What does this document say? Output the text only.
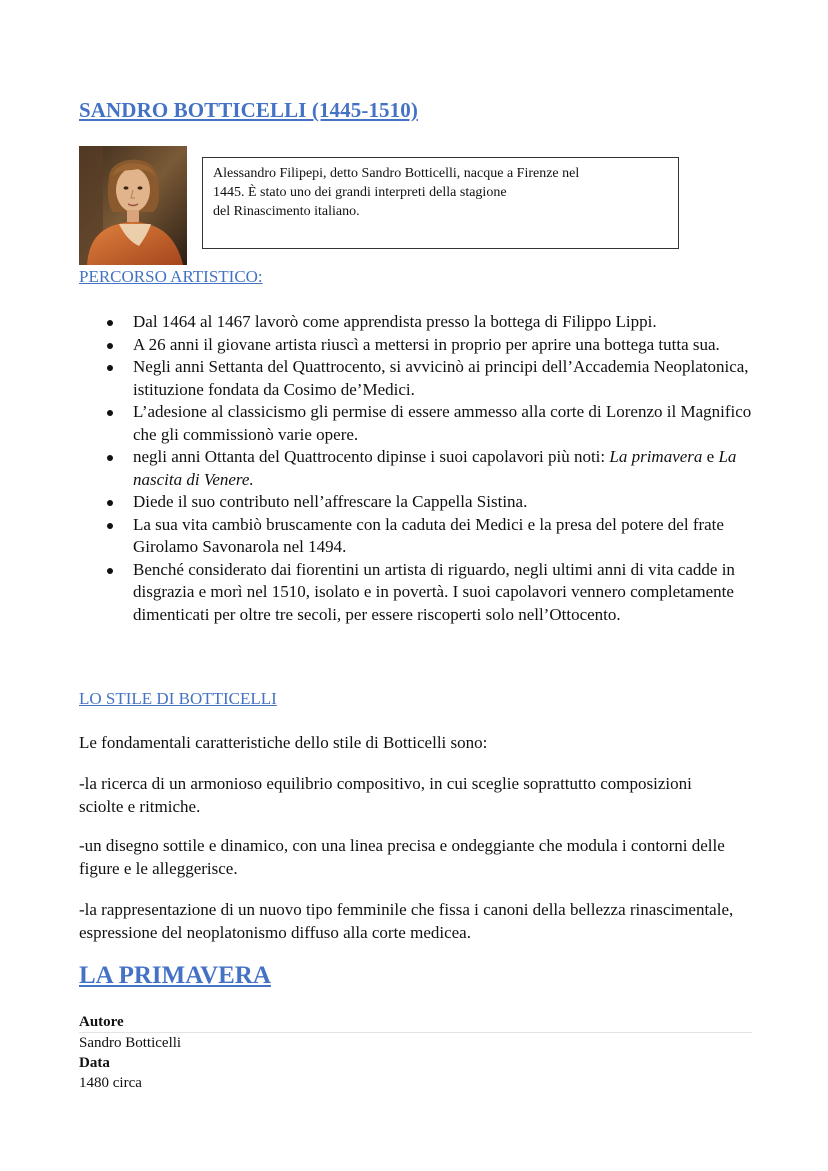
SANDRO BOTTICELLI (1445-1510)

Alessandro Filipepi, detto Sandro Botticelli, nacque a Firenze nel

1445. È stato uno dei grandi interpreti della stagione

del Rinascimento italiano.

PERCORSO ARTISTICO:
Dal 1464 al 1467 lavorò come apprendista presso la bottega di Filippo Lippi.
A 26 anni il giovane artista riuscì a mettersi in proprio per aprire una bottega tutta sua.
Negli anni Settanta del Quattrocento, si avvicinò ai principi dell’Accademia Neoplatonica, istituzione fondata da Cosimo de’Medici.
L’adesione al classicismo gli permise di essere ammesso alla corte di Lorenzo il Magnifico che gli commissionò varie opere.
negli anni Ottanta del Quattrocento dipinse i suoi capolavori più noti: La primavera e La nascita di Venere.
Diede il suo contributo nell’affrescare la Cappella Sistina.
La sua vita cambiò bruscamente con la caduta dei Medici e la presa del potere del frate Girolamo Savonarola nel 1494.
Benché considerato dai fiorentini un artista di riguardo, negli ultimi anni di vita cadde in disgrazia e morì nel 1510, isolato e in povertà. I suoi capolavori vennero completamente dimenticati per oltre tre secoli, per essere riscoperti solo nell’Ottocento.
LO STILE DI BOTTICELLI

Le fondamentali caratteristiche dello stile di Botticelli sono:

-la ricerca di un armonioso equilibrio compositivo, in cui sceglie soprattutto composizioni sciolte e ritmiche.

-un disegno sottile e dinamico, con una linea precisa e ondeggiante che modula i contorni delle figure e le alleggerisce.

-la rappresentazione di un nuovo tipo femminile che fissa i canoni della bellezza rinascimentale, espressione del neoplatonismo diffuso alla corte medicea.

LA PRIMAVERA
Autore
Sandro Botticelli
Data
1480 circa
